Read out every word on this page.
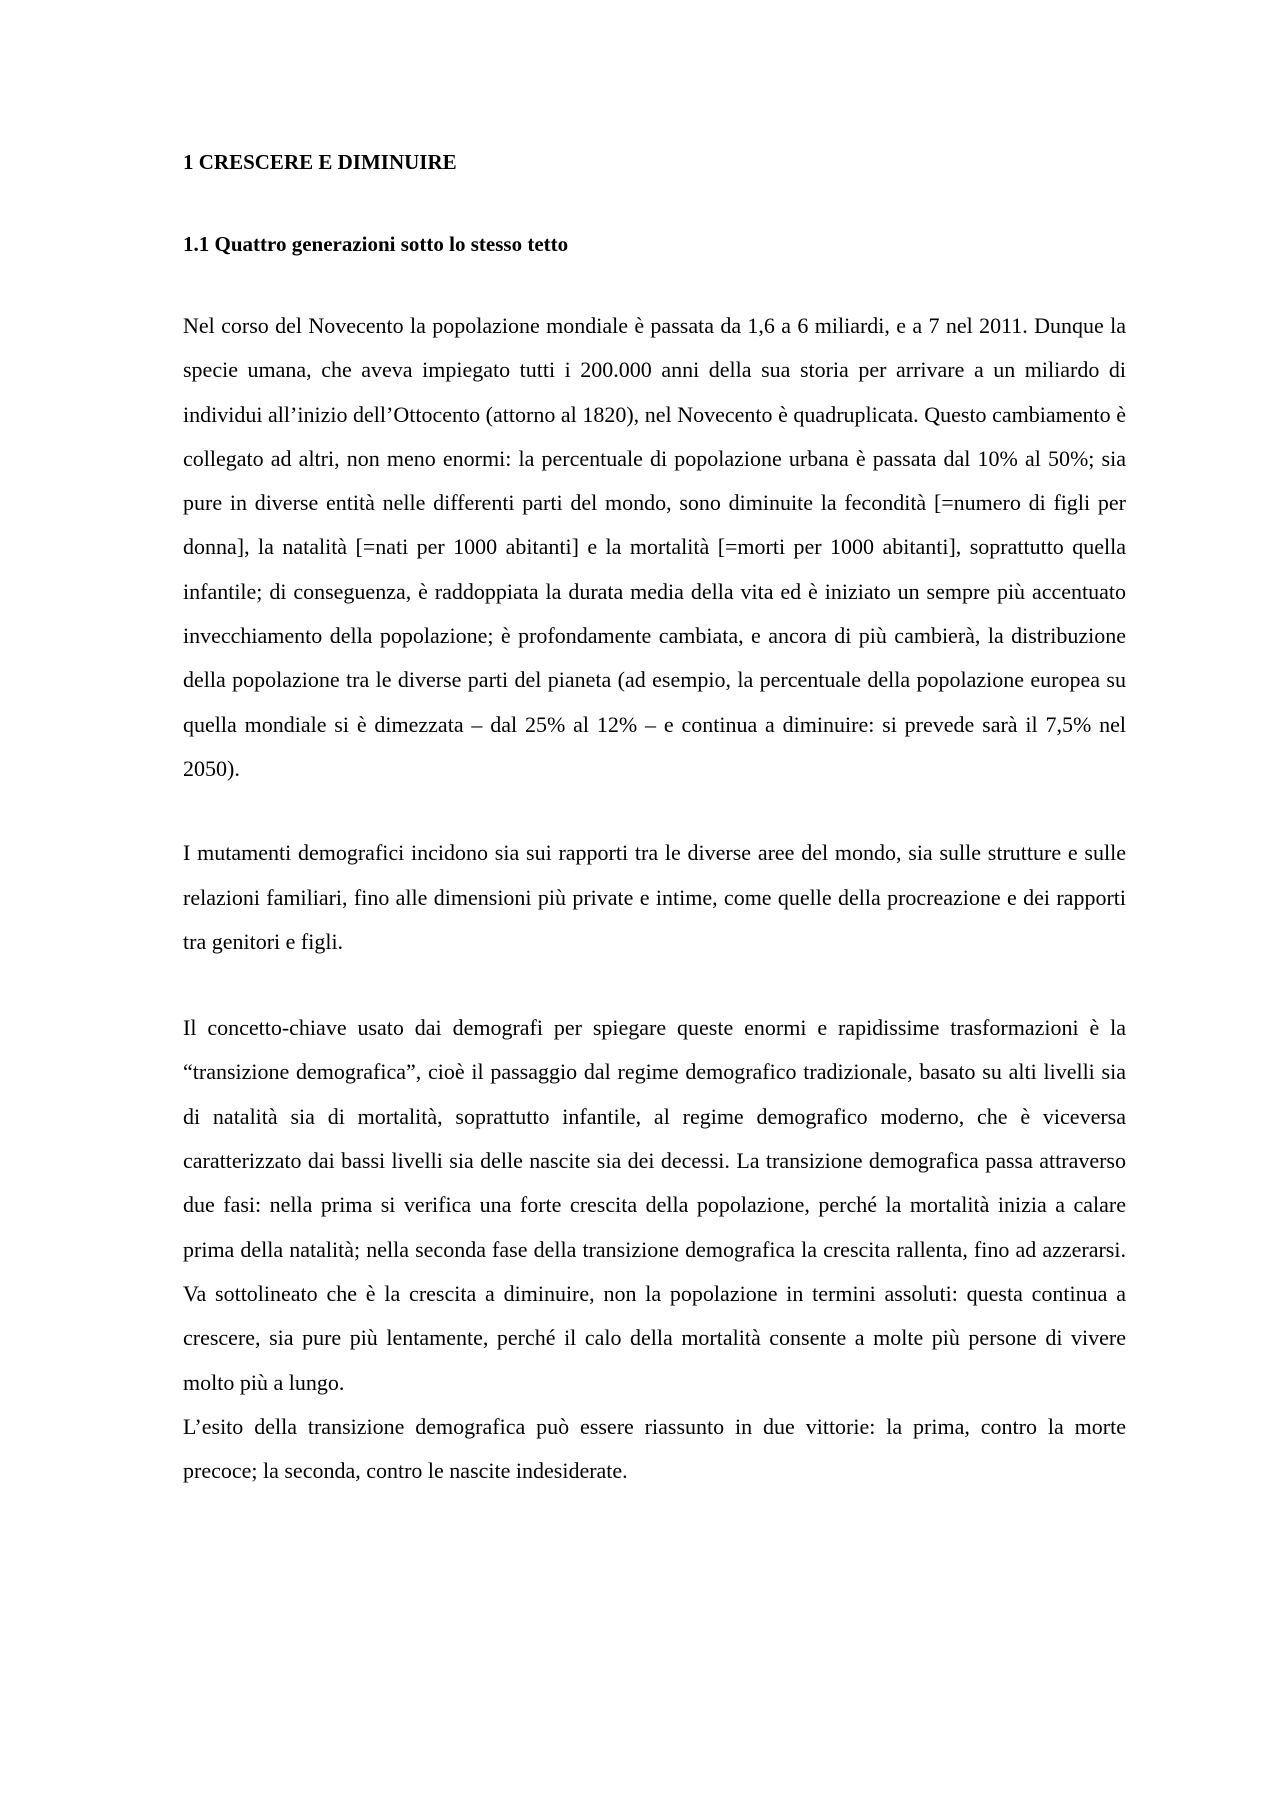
1 CRESCERE E DIMINUIRE
1.1 Quattro generazioni sotto lo stesso tetto

Nel corso del Novecento la popolazione mondiale è passata da 1,6 a 6 miliardi, e a 7 nel 2011. Dunque la specie umana, che aveva impiegato tutti i 200.000 anni della sua storia per arrivare a un miliardo di individui all’inizio dell’Ottocento (attorno al 1820), nel Novecento è quadruplicata. Questo cambiamento è collegato ad altri, non meno enormi: la percentuale di popolazione urbana è passata dal 10% al 50%; sia pure in diverse entità nelle differenti parti del mondo, sono diminuite la fecondità [=numero di figli per donna], la natalità [=nati per 1000 abitanti] e la mortalità [=morti per 1000 abitanti], soprattutto quella infantile; di conseguenza, è raddoppiata la durata media della vita ed è iniziato un sempre più accentuato invecchiamento della popolazione; è profondamente cambiata, e ancora di più cambierà, la distribuzione della popolazione tra le diverse parti del pianeta (ad esempio, la percentuale della popolazione europea su quella mondiale si è dimezzata – dal 25% al 12% – e continua a diminuire: si prevede sarà il 7,5% nel 2050).

I mutamenti demografici incidono sia sui rapporti tra le diverse aree del mondo, sia sulle strutture e sulle relazioni familiari, fino alle dimensioni più private e intime, come quelle della procreazione e dei rapporti tra genitori e figli.

Il concetto-chiave usato dai demografi per spiegare queste enormi e rapidissime trasformazioni è la “transizione demografica”, cioè il passaggio dal regime demografico tradizionale, basato su alti livelli sia di natalità sia di mortalità, soprattutto infantile, al regime demografico moderno, che è viceversa caratterizzato dai bassi livelli sia delle nascite sia dei decessi. La transizione demografica passa attraverso due fasi: nella prima si verifica una forte crescita della popolazione, perché la mortalità inizia a calare prima della natalità; nella seconda fase della transizione demografica la crescita rallenta, fino ad azzerarsi. Va sottolineato che è la crescita a diminuire, non la popolazione in termini assoluti: questa continua a crescere, sia pure più lentamente, perché il calo della mortalità consente a molte più persone di vivere molto più a lungo.

L’esito della transizione demografica può essere riassunto in due vittorie: la prima, contro la morte precoce; la seconda, contro le nascite indesiderate.
